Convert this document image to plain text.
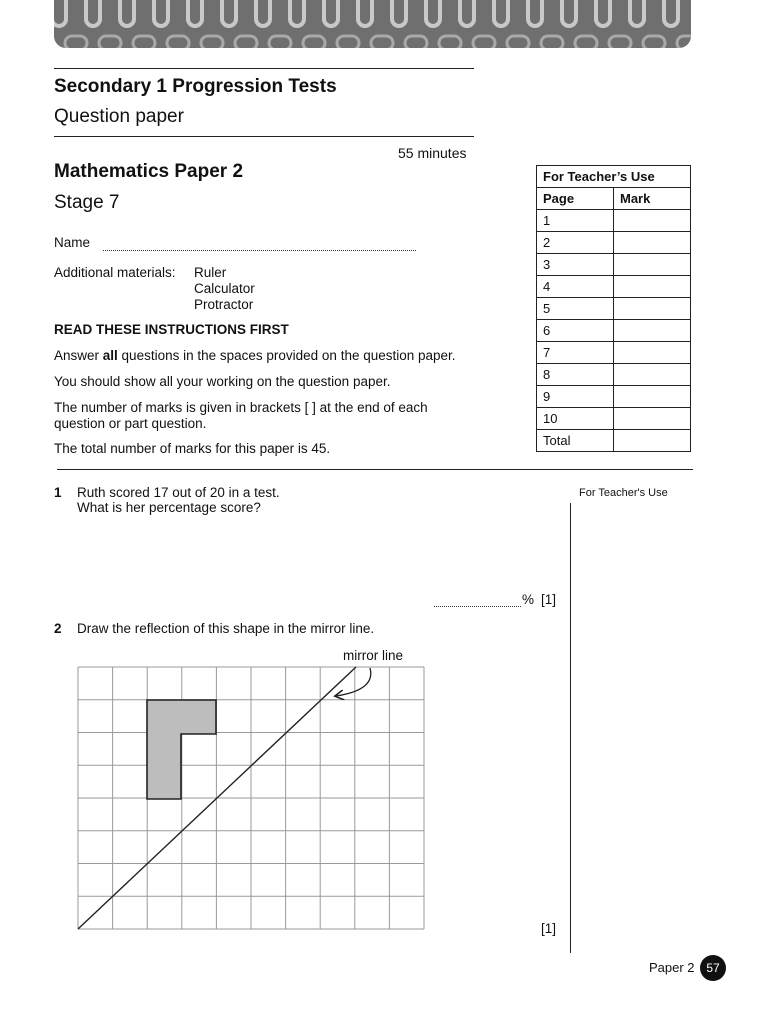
Secondary 1 Progression Tests
Question paper
55 minutes
Mathematics Paper 2
Stage 7
Name
Additional materials: Ruler
Calculator
Protractor
READ THESE INSTRUCTIONS FIRST
Answer all questions in the spaces provided on the question paper.
You should show all your working on the question paper.
The number of marks is given in brackets [ ] at the end of each
question or part question.
The total number of marks for this paper is 45.
For Teacher’s Use	
Page	Mark
1	
2	
3	
4	
5	
6	
7	
8	
9	
10	
Total	
For Teacher's Use
1 Ruth scored 17 out of 20 in a test.
What is her percentage score?
% [1]
2 Draw the reflection of this shape in the mirror line.
mirror line
[1]
Paper 2 57
